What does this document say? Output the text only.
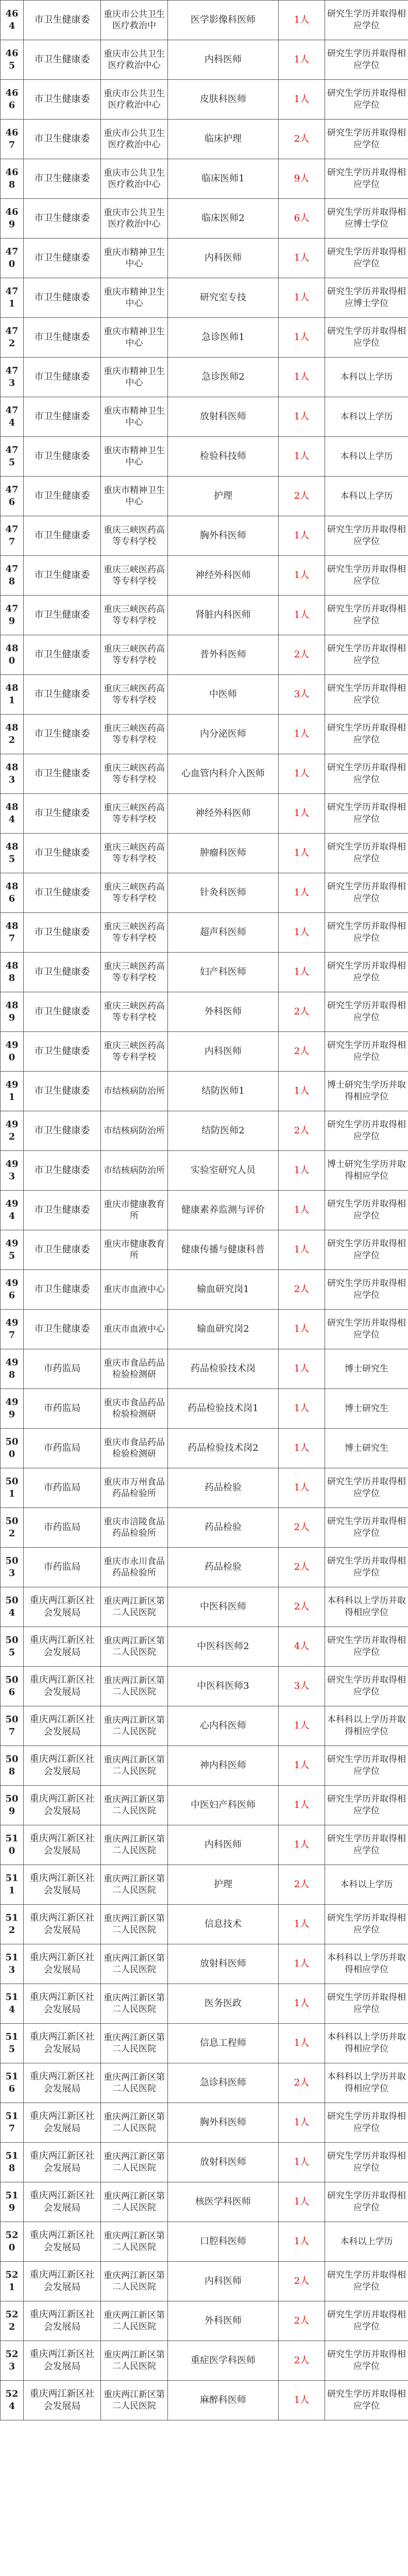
464	市卫生健康委	重庆市公共卫生医疗救治中	医学影像科医师	1人	研究生学历并取得相应学位
465	市卫生健康委	重庆市公共卫生医疗救治中心	内科医师	1人	研究生学历并取得相应学位
466	市卫生健康委	重庆市公共卫生医疗救治中心	皮肤科医师	1人	研究生学历并取得相应学位
467	市卫生健康委	重庆市公共卫生医疗救治中心	临床护理	2人	研究生学历并取得相应学位
468	市卫生健康委	重庆市公共卫生医疗救治中心	临床医师1	9人	研究生学历并取得相应学位
469	市卫生健康委	重庆市公共卫生医疗救治中心	临床医师2	6人	研究生学历并取得相应博士学位
470	市卫生健康委	重庆市精神卫生中心	内科医师	1人	研究生学历并取得相应学位
471	市卫生健康委	重庆市精神卫生中心	研究室专技	1人	研究生学历并取得相应博士学位
472	市卫生健康委	重庆市精神卫生中心	急诊医师1	1人	研究生学历并取得相应学位
473	市卫生健康委	重庆市精神卫生中心	急诊医师2	1人	本科以上学历
474	市卫生健康委	重庆市精神卫生中心	放射科医师	1人	本科以上学历
475	市卫生健康委	重庆市精神卫生中心	检验科技师	1人	本科以上学历
476	市卫生健康委	重庆市精神卫生中心	护理	2人	本科以上学历
477	市卫生健康委	重庆三峡医药高等专科学校	胸外科医师	1人	研究生学历并取得相应学位
478	市卫生健康委	重庆三峡医药高等专科学校	神经外科医师	1人	研究生学历并取得相应学位
479	市卫生健康委	重庆三峡医药高等专科学校	肾脏内科医师	1人	研究生学历并取得相应学位
480	市卫生健康委	重庆三峡医药高等专科学校	普外科医师	2人	研究生学历并取得相应学位
481	市卫生健康委	重庆三峡医药高等专科学校	中医师	3人	研究生学历并取得相应学位
482	市卫生健康委	重庆三峡医药高等专科学校	内分泌医师	1人	研究生学历并取得相应学位
483	市卫生健康委	重庆三峡医药高等专科学校	心血管内科介入医师	1人	研究生学历并取得相应学位
484	市卫生健康委	重庆三峡医药高等专科学校	神经外科医师	1人	研究生学历并取得相应学位
485	市卫生健康委	重庆三峡医药高等专科学校	肿瘤科医师	1人	研究生学历并取得相应学位
486	市卫生健康委	重庆三峡医药高等专科学校	针灸科医师	1人	研究生学历并取得相应学位
487	市卫生健康委	重庆三峡医药高等专科学校	超声科医师	1人	研究生学历并取得相应学位
488	市卫生健康委	重庆三峡医药高等专科学校	妇产科医师	1人	研究生学历并取得相应学位
489	市卫生健康委	重庆三峡医药高等专科学校	外科医师	2人	研究生学历并取得相应学位
490	市卫生健康委	重庆三峡医药高等专科学校	内科医师	2人	研究生学历并取得相应学位
491	市卫生健康委	市结核病防治所	结防医师1	1人	博士研究生学历并取得相应学位
492	市卫生健康委	市结核病防治所	结防医师2	2人	研究生学历并取得相应学位
493	市卫生健康委	市结核病防治所	实验室研究人员	1人	博士研究生学历并取得相应学位
494	市卫生健康委	重庆市健康教育所	健康素养监测与评价	1人	研究生学历并取得相应学位
495	市卫生健康委	重庆市健康教育所	健康传播与健康科普	1人	研究生学历并取得相应学位
496	市卫生健康委	重庆市血液中心	输血研究岗1	2人	研究生学历并取得相应学位
497	市卫生健康委	重庆市血液中心	输血研究岗2	1人	研究生学历并取得相应学位
498	市药监局	重庆市食品药品检验检测研	药品检验技术岗	1人	博士研究生
499	市药监局	重庆市食品药品检验检测研	药品检验技术岗1	1人	博士研究生
500	市药监局	重庆市食品药品检验检测研	药品检验技术岗2	1人	博士研究生
501	市药监局	重庆市万州食品药品检验所	药品检验	1人	研究生学历并取得相应学位
502	市药监局	重庆市涪陵食品药品检验所	药品检验	2人	研究生学历并取得相应学位
503	市药监局	重庆市永川食品药品检验所	药品检验	2人	研究生学历并取得相应学位
504	重庆两江新区社会发展局	重庆两江新区第二人民医院	中医科医师	2人	本科科以上学历并取得相应学位
505	重庆两江新区社会发展局	重庆两江新区第二人民医院	中医科医师2	4人	研究生学历并取得相应学位
506	重庆两江新区社会发展局	重庆两江新区第二人民医院	中医科医师3	3人	研究生学历并取得相应学位
507	重庆两江新区社会发展局	重庆两江新区第二人民医院	心内科医师	1人	本科科以上学历并取得相应学位
508	重庆两江新区社会发展局	重庆两江新区第二人民医院	神内科医师	1人	研究生学历并取得相应学位
509	重庆两江新区社会发展局	重庆两江新区第二人民医院	中医妇产科医师	1人	研究生学历并取得相应学位
510	重庆两江新区社会发展局	重庆两江新区第二人民医院	内科医师	1人	研究生学历并取得相应学位
511	重庆两江新区社会发展局	重庆两江新区第二人民医院	护理	2人	本科以上学历
512	重庆两江新区社会发展局	重庆两江新区第二人民医院	信息技术	1人	研究生学历并取得相应学位
513	重庆两江新区社会发展局	重庆两江新区第二人民医院	放射科医师	1人	本科科以上学历并取得相应学位
514	重庆两江新区社会发展局	重庆两江新区第二人民医院	医务医政	1人	研究生学历并取得相应学位
515	重庆两江新区社会发展局	重庆两江新区第二人民医院	信息工程师	1人	本科科以上学历并取得相应学位
516	重庆两江新区社会发展局	重庆两江新区第二人民医院	急诊科医师	2人	本科科以上学历并取得相应学位
517	重庆两江新区社会发展局	重庆两江新区第二人民医院	胸外科医师	1人	研究生学历并取得相应学位
518	重庆两江新区社会发展局	重庆两江新区第二人民医院	放射科医师	1人	研究生学历并取得相应学位
519	重庆两江新区社会发展局	重庆两江新区第二人民医院	核医学科医师	1人	研究生学历并取得相应学位
520	重庆两江新区社会发展局	重庆两江新区第二人民医院	口腔科医师	1人	本科以上学历
521	重庆两江新区社会发展局	重庆两江新区第二人民医院	内科医师	2人	研究生学历并取得相应学位
522	重庆两江新区社会发展局	重庆两江新区第二人民医院	外科医师	2人	研究生学历并取得相应学位
523	重庆两江新区社会发展局	重庆两江新区第二人民医院	重症医学科医师	2人	研究生学历并取得相应学位
524	重庆两江新区社会发展局	重庆两江新区第二人民医院	麻醉科医师	1人	研究生学历并取得相应学位
